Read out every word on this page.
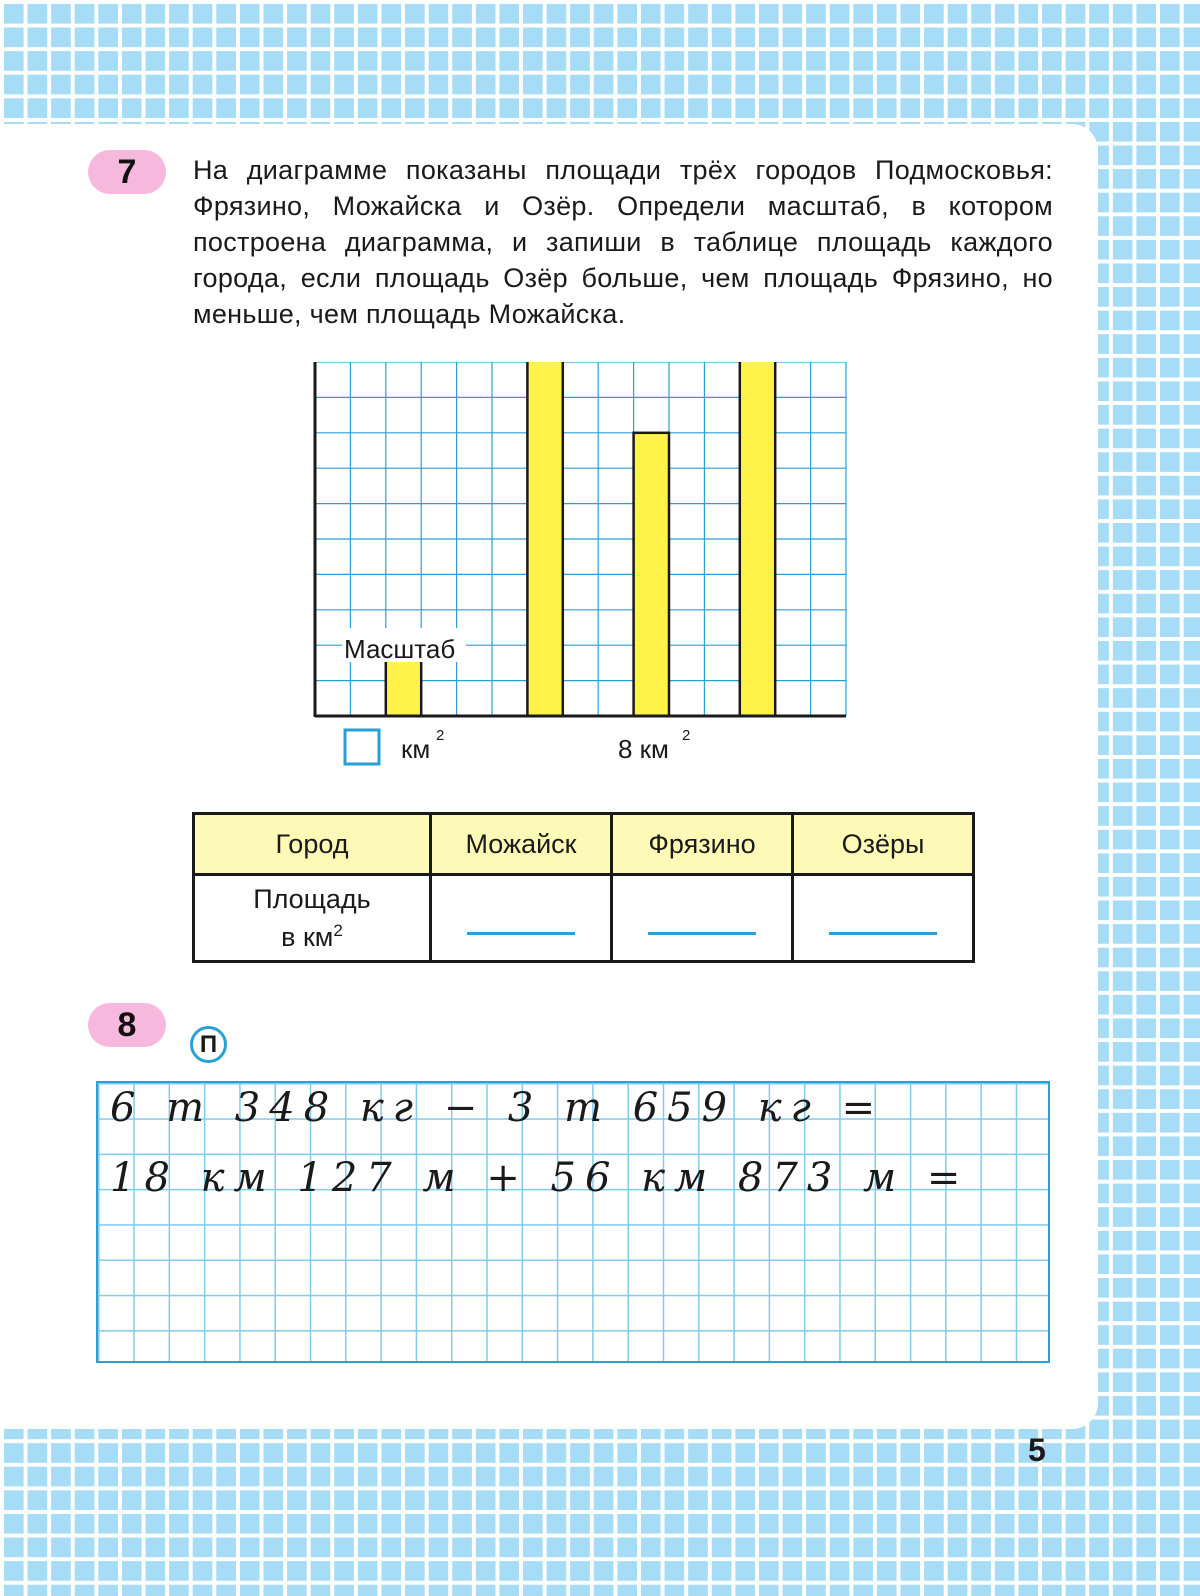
7	На диаграмме показаны площади трёх городов Подмосковья: Фрязино, Можайска и Озёр. Определи масштаб, в котором построена диаграмма, и запиши в таблице площадь каждого города, если площадь Озёр больше, чем площадь Фрязино, но меньше, чем площадь Можайска.
Масштаб
км 2	8 км 2
Город	Можайск	Фрязино	Озёры
Площадь
в $км^2$			
8
П
6 т 348 кг − 3 т 659 кг =
18 км 127 м + 56 км 873 м =
5
